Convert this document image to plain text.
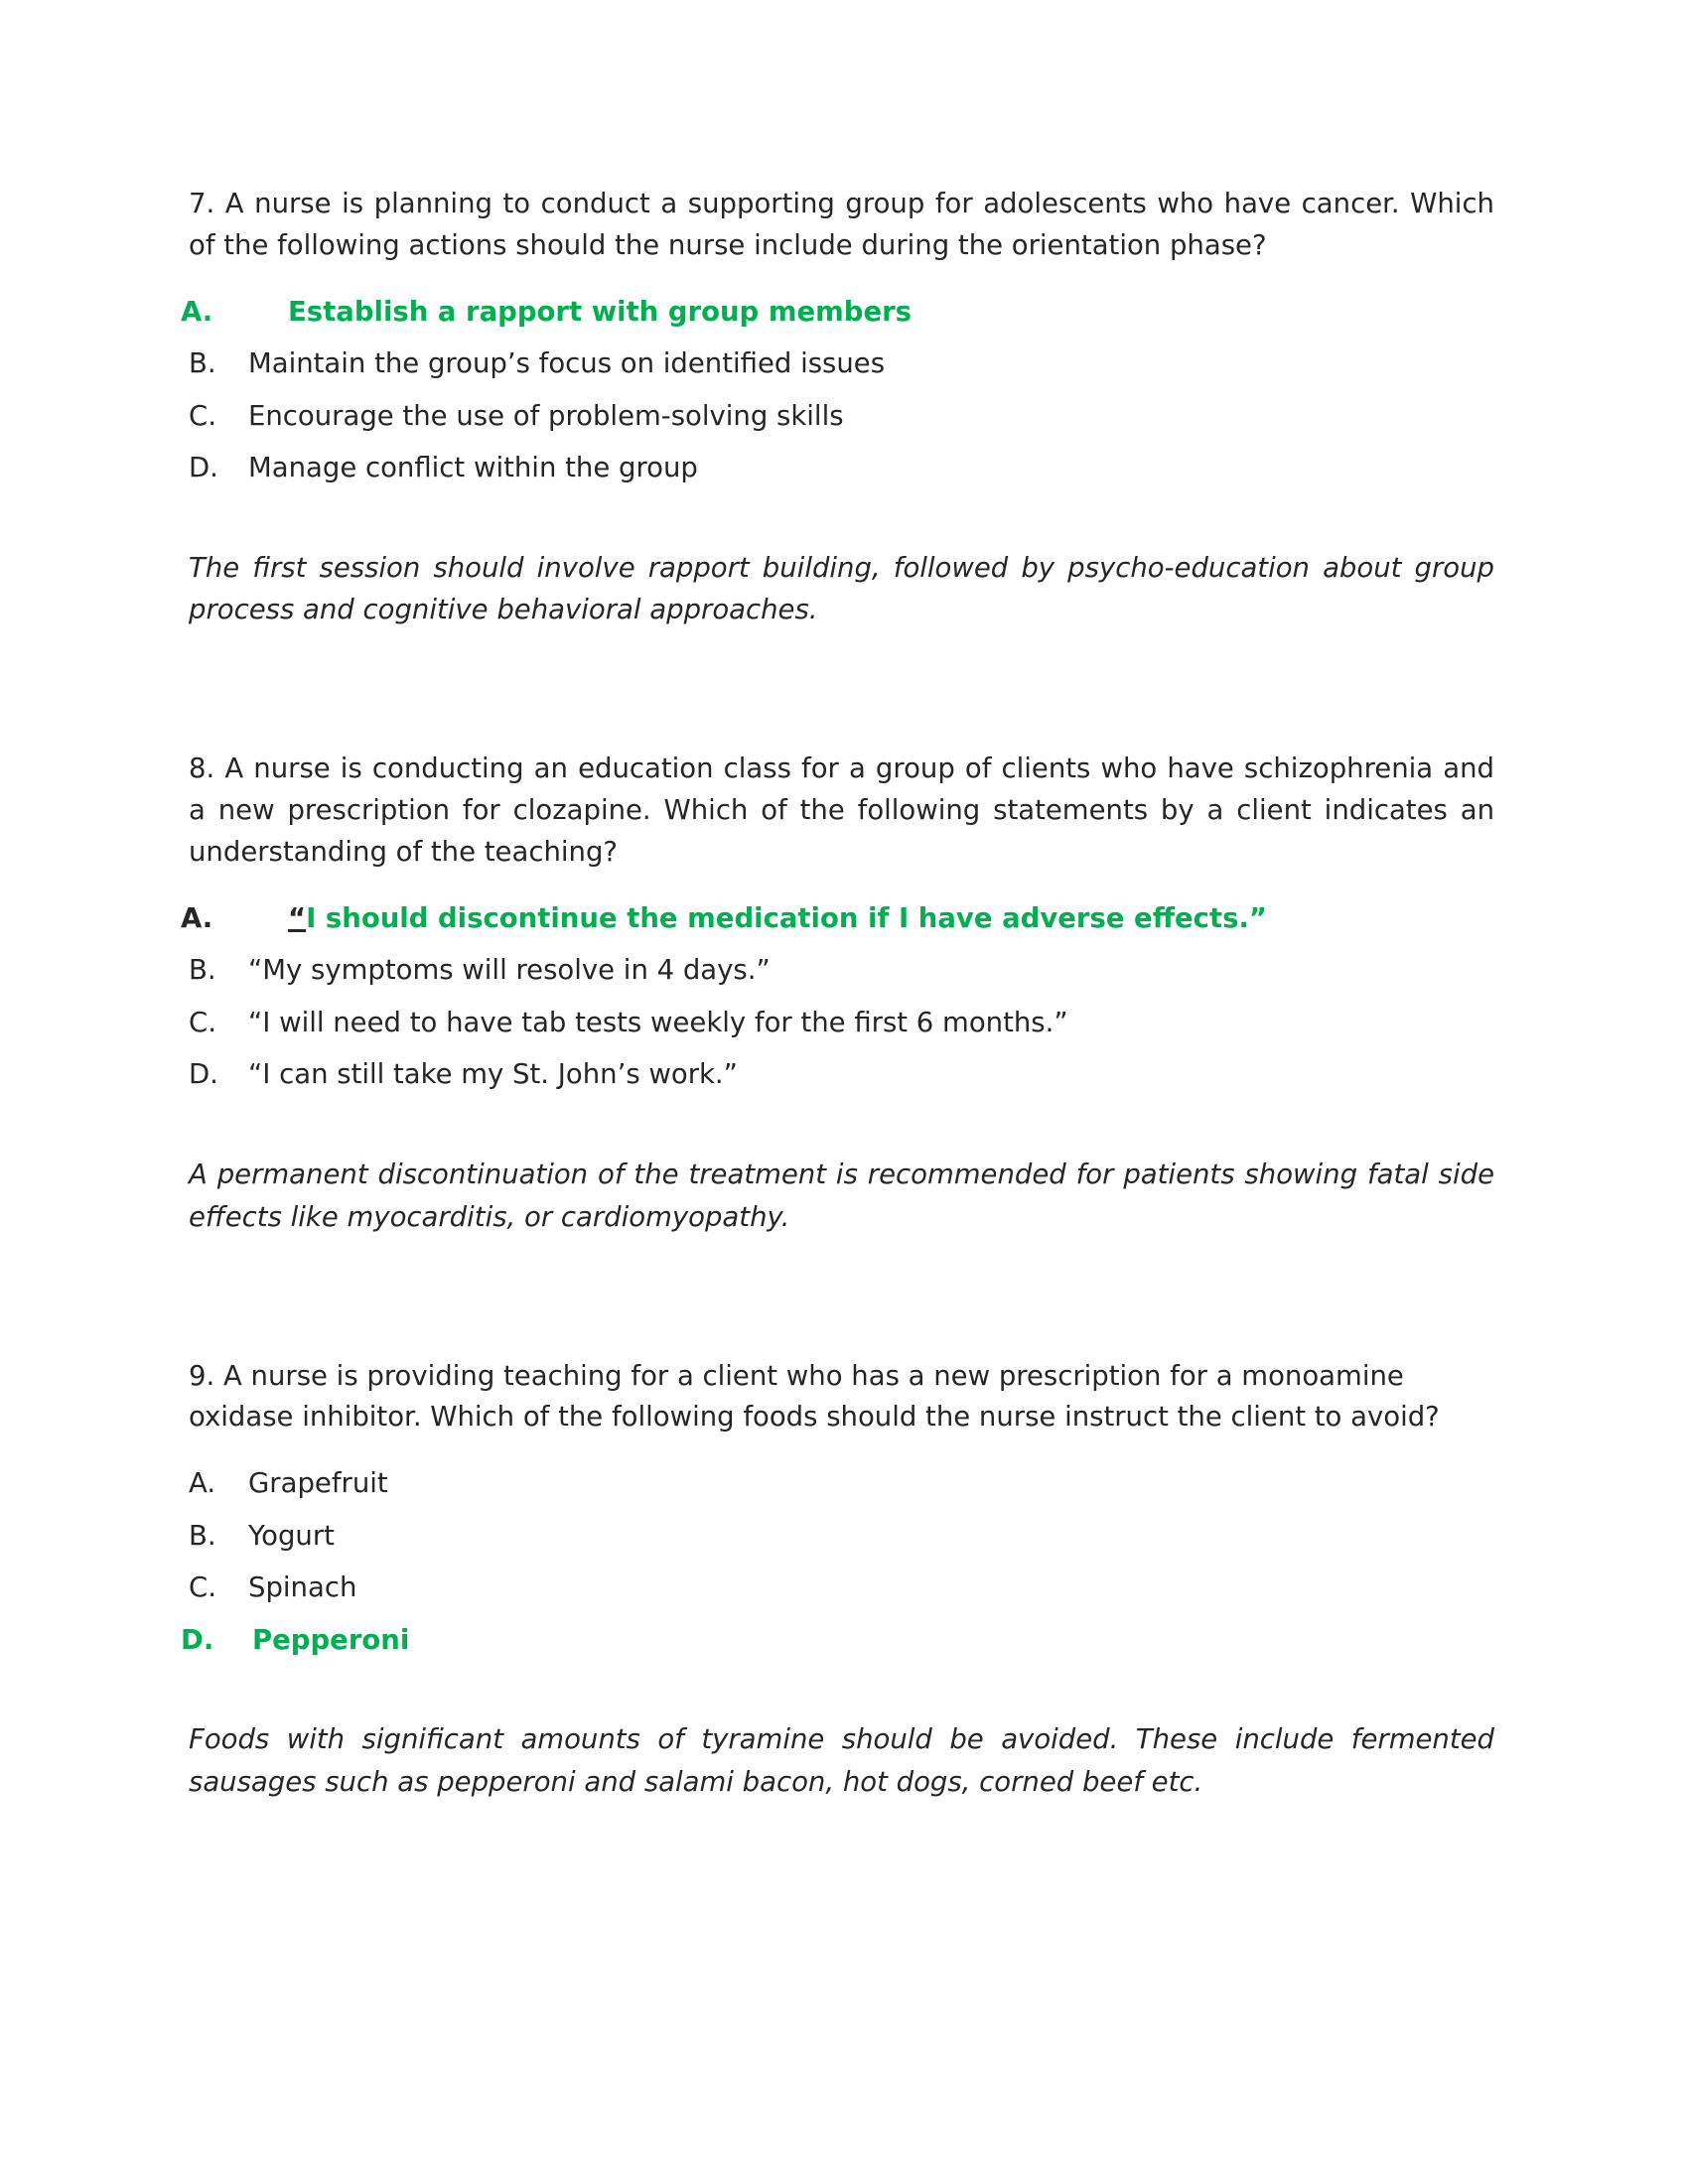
7. A nurse is planning to conduct a supporting group for adolescents who have cancer. Which of the following actions should the nurse include during the orientation phase?

A.	Establish a rapport with group members
B.	Maintain the group’s focus on identified issues
C.	Encourage the use of problem-solving skills
D.	Manage conflict within the group

The first session should involve rapport building, followed by psycho-education about group process and cognitive behavioral approaches.

8. A nurse is conducting an education class for a group of clients who have schizophrenia and a new prescription for clozapine. Which of the following statements by a client indicates an understanding of the teaching?

A.	“I should discontinue the medication if I have adverse effects.”
B.	“My symptoms will resolve in 4 days.”
C.	“I will need to have tab tests weekly for the first 6 months.”
D.	“I can still take my St. John’s work.”

A permanent discontinuation of the treatment is recommended for patients showing fatal side effects like myocarditis, or cardiomyopathy.

9. A nurse is providing teaching for a client who has a new prescription for a monoamine oxidase inhibitor. Which of the following foods should the nurse instruct the client to avoid?

A.	Grapefruit
B.	Yogurt
C.	Spinach
D.	Pepperoni

Foods with significant amounts of tyramine should be avoided. These include fermented sausages such as pepperoni and salami bacon, hot dogs, corned beef etc.
